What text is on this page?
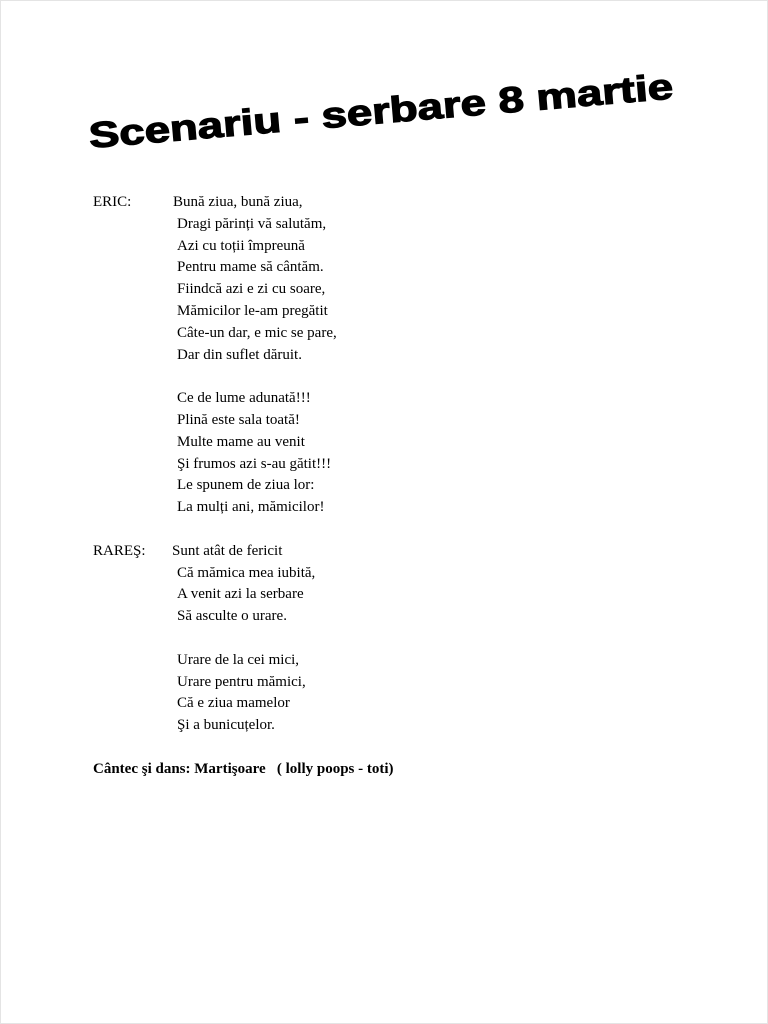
Scenariu - serbare 8 martie
ERIC:	Bună ziua, bună ziua,
Dragi părinți vă salutăm,
Azi cu toții împreună
Pentru mame să cântăm.
Fiindcă azi e zi cu soare,
Mămicilor le-am pregătit
Câte-un dar, e mic se pare,
Dar din suflet dăruit.
Ce de lume adunată!!!
Plină este sala toată!
Multe mame au venit
Şi frumos azi s-au gătit!!!
Le spunem de ziua lor:
La mulți ani, mămicilor!
RAREŞ: Sunt atât de fericit
Că mămica mea iubită,
A venit azi la serbare
Să asculte o urare.
Urare de la cei mici,
Urare pentru mămici,
Că e ziua mamelor
Şi a bunicuțelor.
Cântec şi dans: Martişoare   ( lolly poops - toti)
